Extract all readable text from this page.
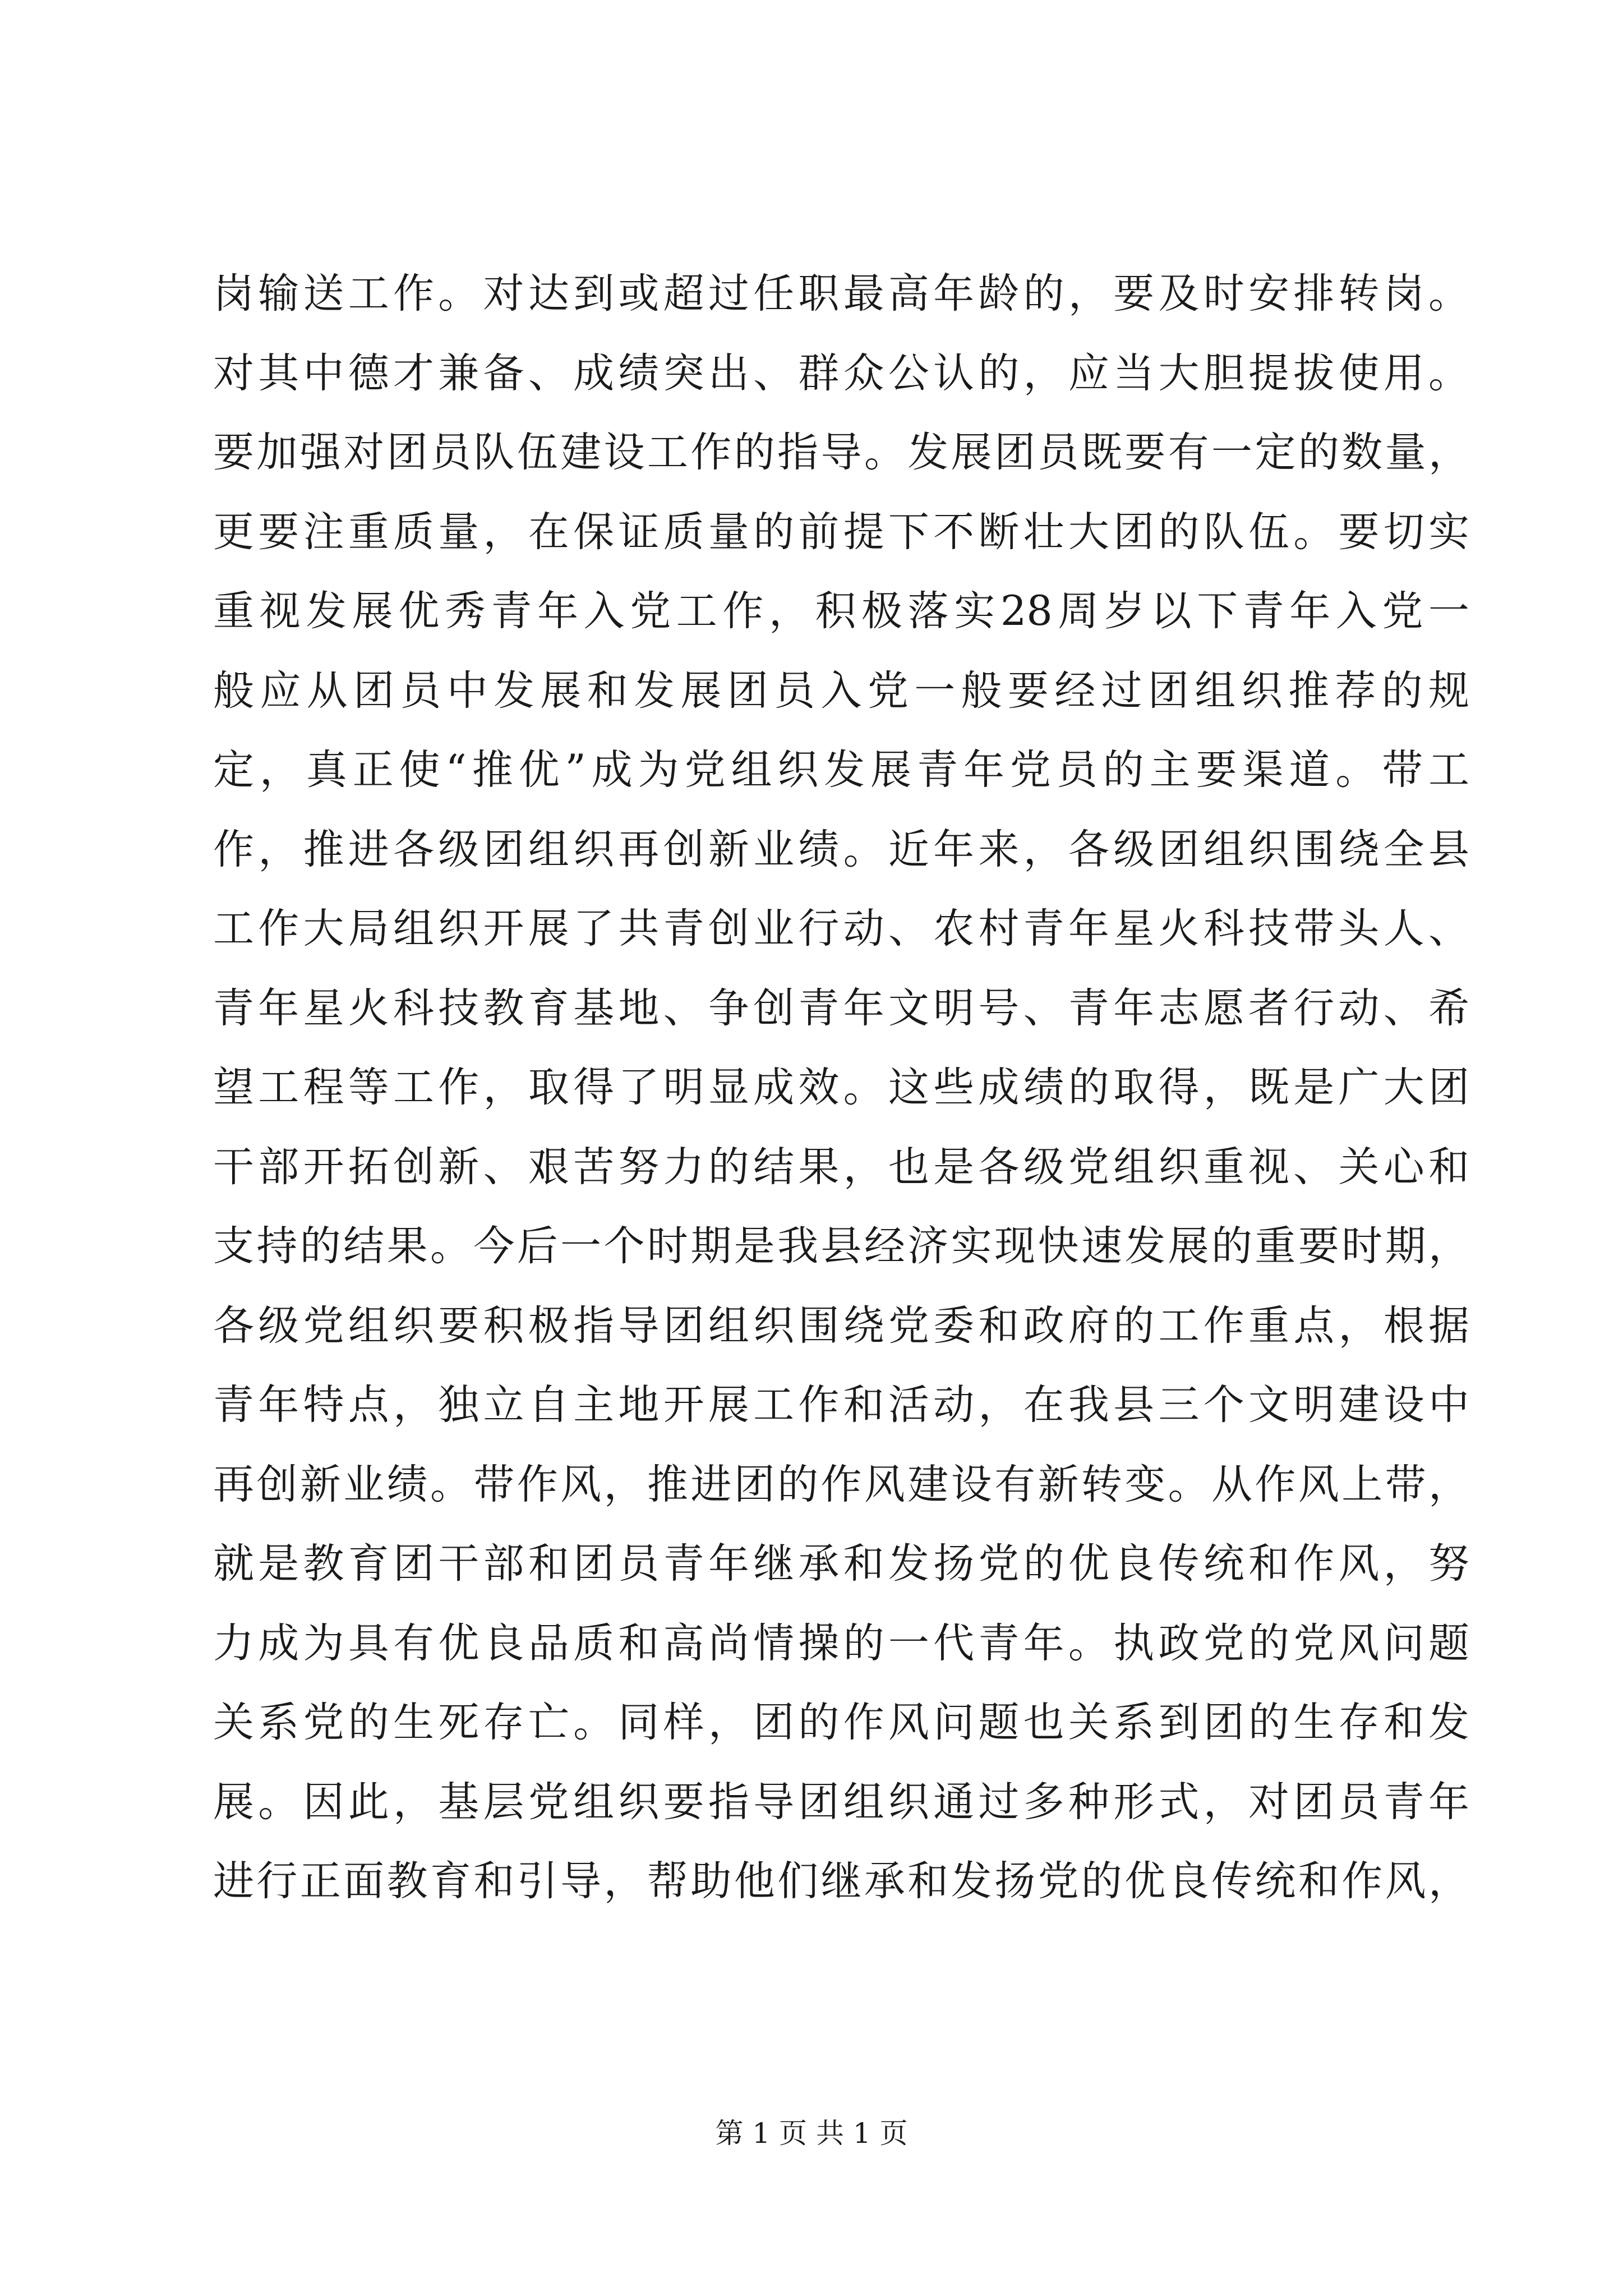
岗输送工作。对达到或超过任职最高年龄的，要及时安排转岗。
对其中德才兼备、成绩突出、群众公认的，应当大胆提拔使用。
要加强对团员队伍建设工作的指导。发展团员既要有一定的数量，
更要注重质量，在保证质量的前提下不断壮大团的队伍。要切实
重视发展优秀青年入党工作，积极落实28周岁以下青年入党一
般应从团员中发展和发展团员入党一般要经过团组织推荐的规
定，真正使“推优”成为党组织发展青年党员的主要渠道。带工
作，推进各级团组织再创新业绩。近年来，各级团组织围绕全县
工作大局组织开展了共青创业行动、农村青年星火科技带头人、
青年星火科技教育基地、争创青年文明号、青年志愿者行动、希
望工程等工作，取得了明显成效。这些成绩的取得，既是广大团
干部开拓创新、艰苦努力的结果，也是各级党组织重视、关心和
支持的结果。今后一个时期是我县经济实现快速发展的重要时期，
各级党组织要积极指导团组织围绕党委和政府的工作重点，根据
青年特点，独立自主地开展工作和活动，在我县三个文明建设中
再创新业绩。带作风，推进团的作风建设有新转变。从作风上带，
就是教育团干部和团员青年继承和发扬党的优良传统和作风，努
力成为具有优良品质和高尚情操的一代青年。执政党的党风问题
关系党的生死存亡。同样，团的作风问题也关系到团的生存和发
展。因此，基层党组织要指导团组织通过多种形式，对团员青年
进行正面教育和引导，帮助他们继承和发扬党的优良传统和作风，
第 1 页 共 1 页
